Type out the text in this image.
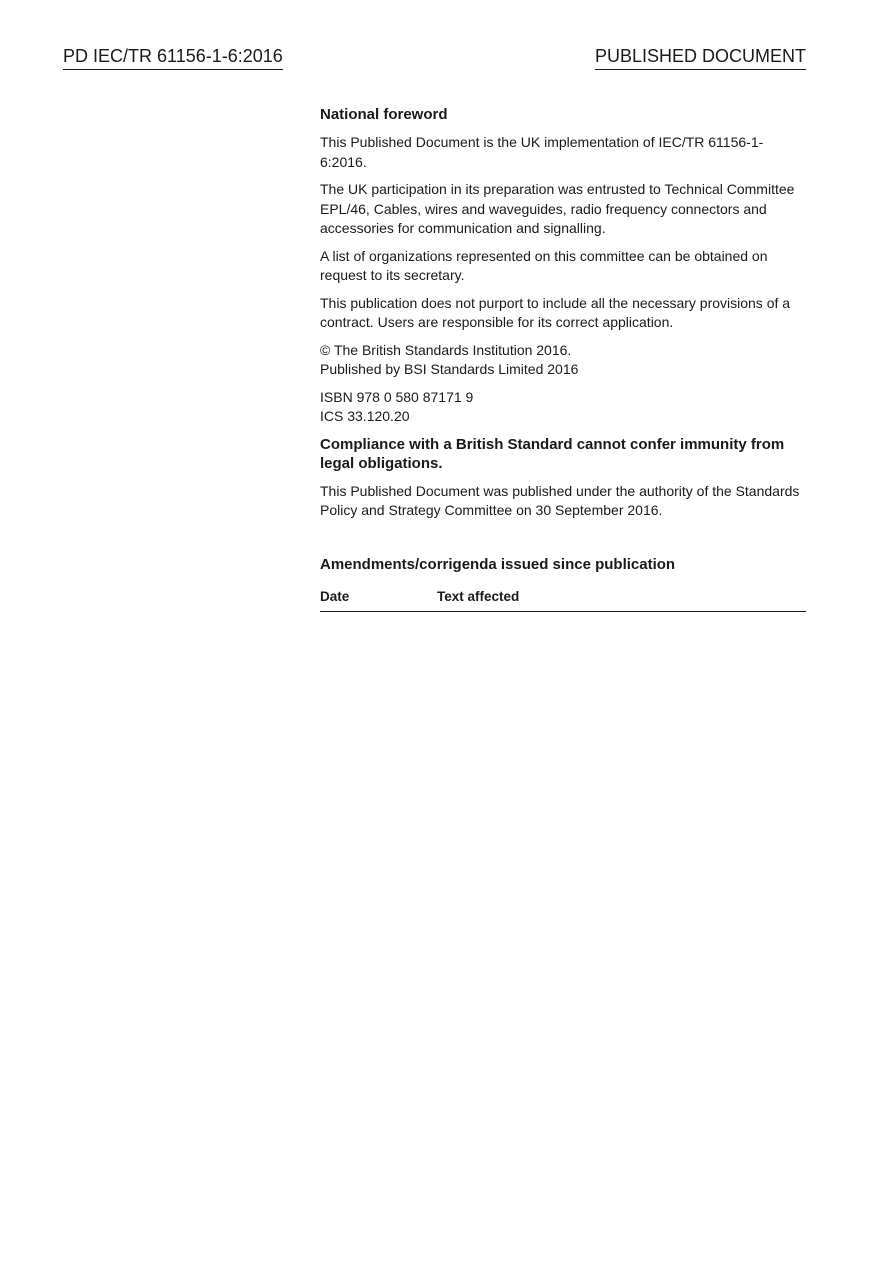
PD IEC/TR 61156-1-6:2016	PUBLISHED DOCUMENT
National foreword

This Published Document is the UK implementation of IEC/TR 61156-1-6:2016.

The UK participation in its preparation was entrusted to Technical Committee EPL/46, Cables, wires and waveguides, radio frequency connectors and accessories for communication and signalling.

A list of organizations represented on this committee can be obtained on request to its secretary.

This publication does not purport to include all the necessary provisions of a contract. Users are responsible for its correct application.

© The British Standards Institution 2016.
Published by BSI Standards Limited 2016

ISBN 978 0 580 87171 9
ICS 33.120.20

Compliance with a British Standard cannot confer immunity from legal obligations.

This Published Document was published under the authority of the Standards Policy and Strategy Committee on 30 September 2016.

Amendments/corrigenda issued since publication
Date	Text affected
